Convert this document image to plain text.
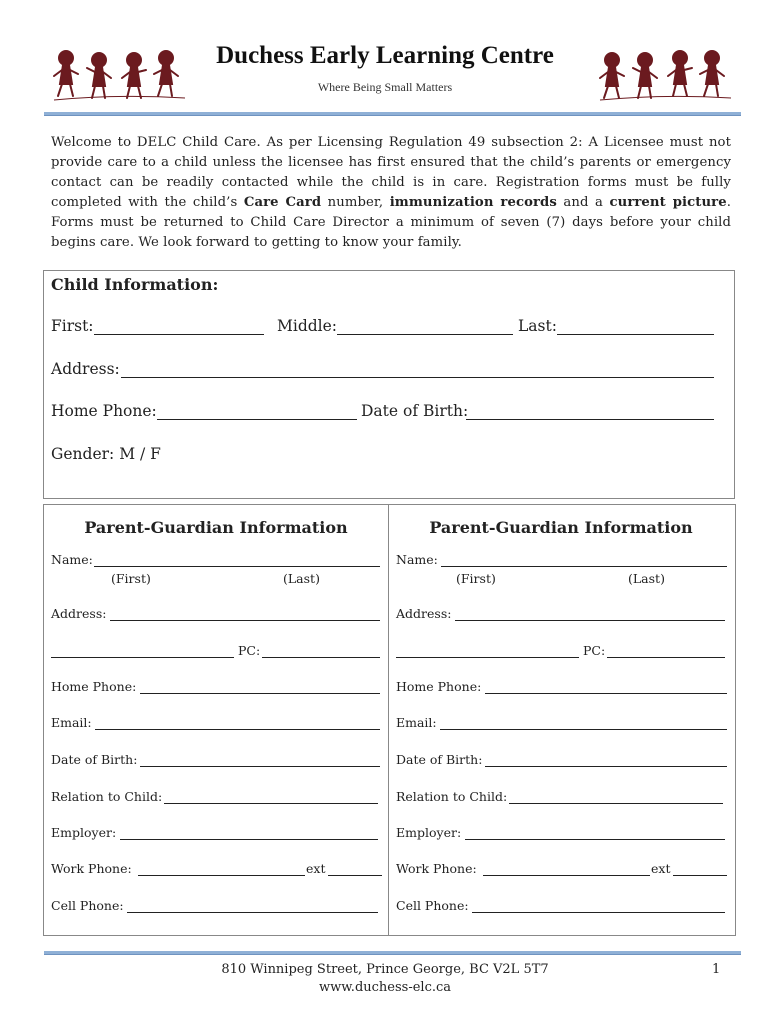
Duchess Early Learning Centre
Where Being Small Matters
Welcome to DELC Child Care. As per Licensing Regulation 49 subsection 2: A Licensee must not provide care to a child unless the licensee has first ensured that the child’s parents or emergency contact can be readily contacted while the child is in care. Registration forms must be fully completed with the child’s Care Card number, immunization records and a current picture. Forms must be returned to Child Care Director a minimum of seven (7) days before your child begins care. We look forward to getting to know your family.
Child Information:
First:	Middle:	Last:
Address:
Home Phone:	Date of Birth:
Gender: M / F
Parent-Guardian Information
Name:
(First)	(Last)
Address:
PC:
Home Phone:
Email:
Date of Birth:
Relation to Child:
Employer:
Work Phone:	ext
Cell Phone:
Parent-Guardian Information
Name:
(First)	(Last)
Address:
PC:
Home Phone:
Email:
Date of Birth:
Relation to Child:
Employer:
Work Phone:	ext
Cell Phone:
810 Winnipeg Street, Prince George, BC V2L 5T7
www.duchess-elc.ca
1
